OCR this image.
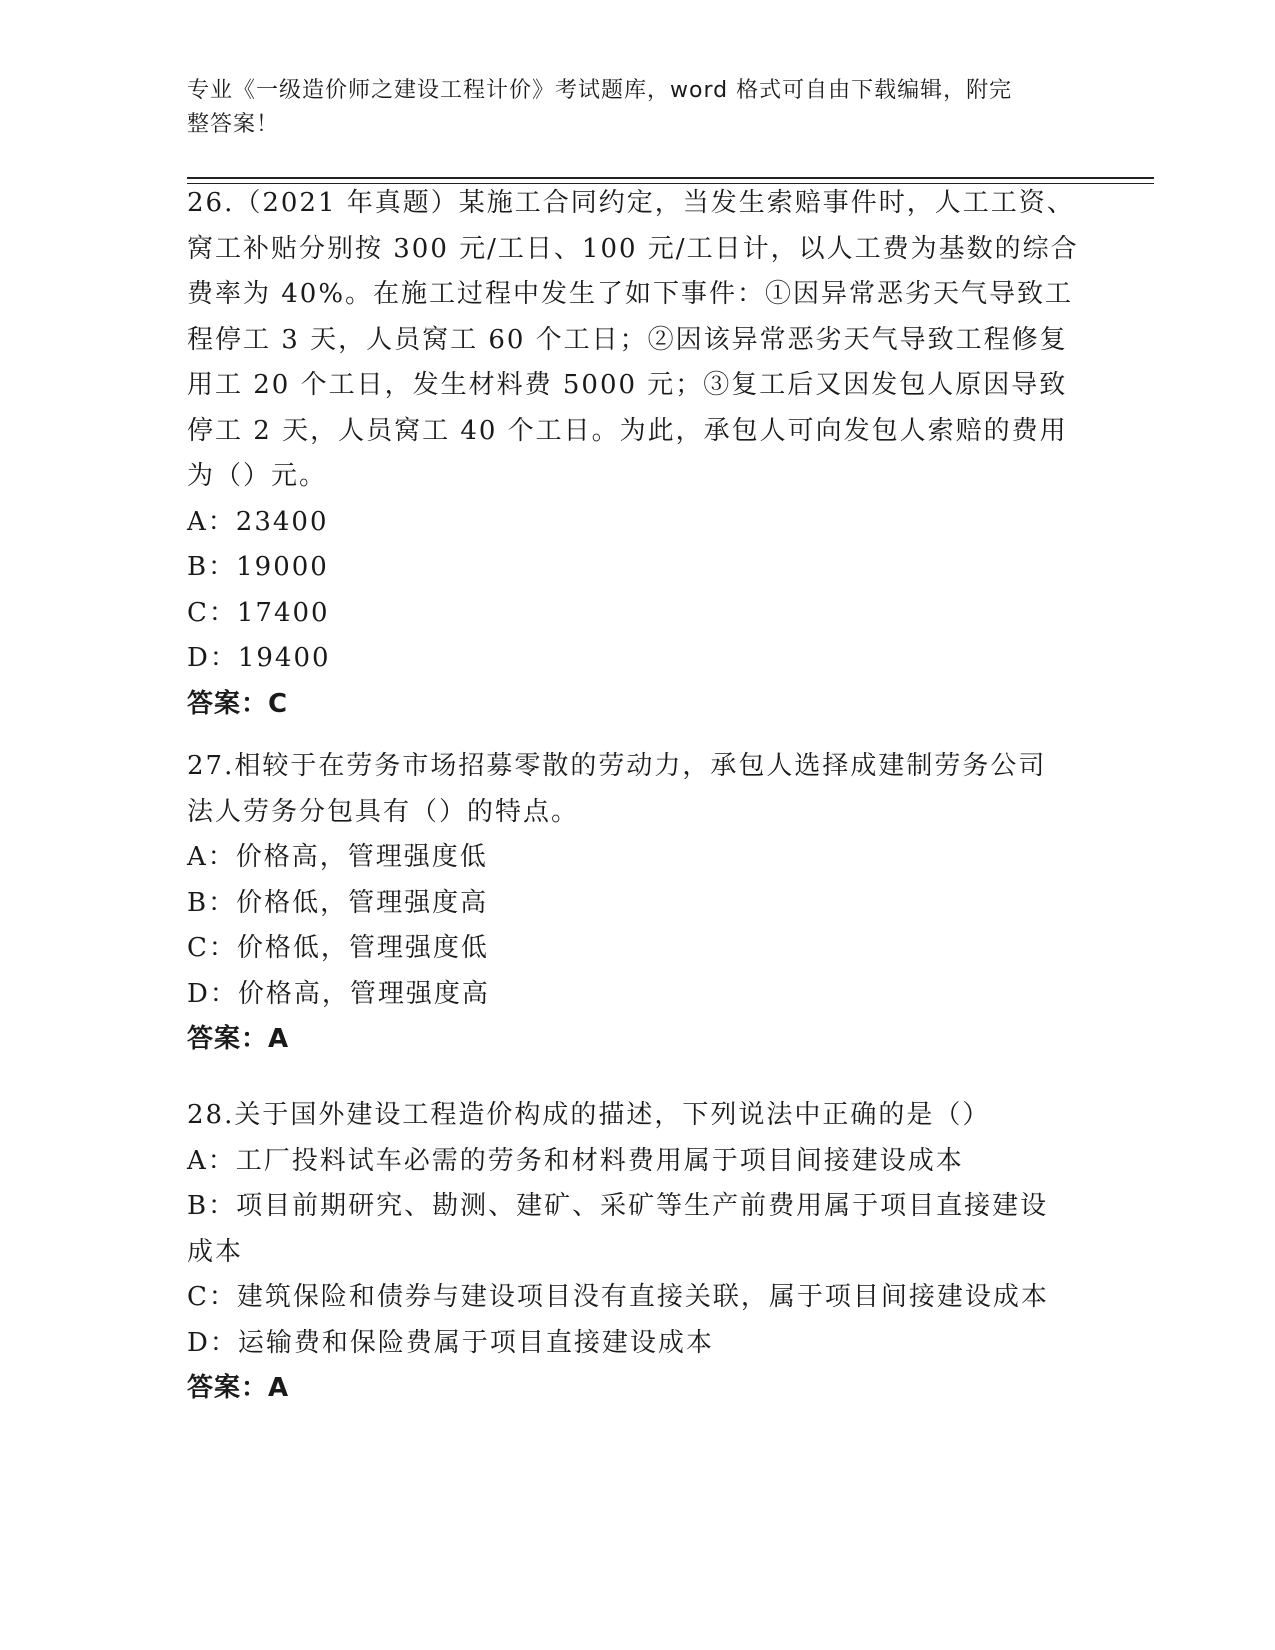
专业《一级造价师之建设工程计价》考试题库，word 格式可自由下载编辑，附完
整答案！

26.（2021 年真题）某施工合同约定，当发生索赔事件时，人工工资、

窝工补贴分别按 300 元/工日、100 元/工日计，以人工费为基数的综合

费率为 40%。在施工过程中发生了如下事件：①因异常恶劣天气导致工

程停工 3 天，人员窝工 60 个工日；②因该异常恶劣天气导致工程修复

用工 20 个工日，发生材料费 5000 元；③复工后又因发包人原因导致

停工 2 天，人员窝工 40 个工日。为此，承包人可向发包人索赔的费用

为（）元。

A：23400

B：19000

C：17400

D：19400

答案：C

27.相较于在劳务市场招募零散的劳动力，承包人选择成建制劳务公司

法人劳务分包具有（）的特点。

A：价格高，管理强度低

B：价格低，管理强度高

C：价格低，管理强度低

D：价格高，管理强度高

答案：A

28.关于国外建设工程造价构成的描述，下列说法中正确的是（）

A：工厂投料试车必需的劳务和材料费用属于项目间接建设成本

B：项目前期研究、勘测、建矿、采矿等生产前费用属于项目直接建设

成本

C：建筑保险和债券与建设项目没有直接关联，属于项目间接建设成本

D：运输费和保险费属于项目直接建设成本

答案：A
